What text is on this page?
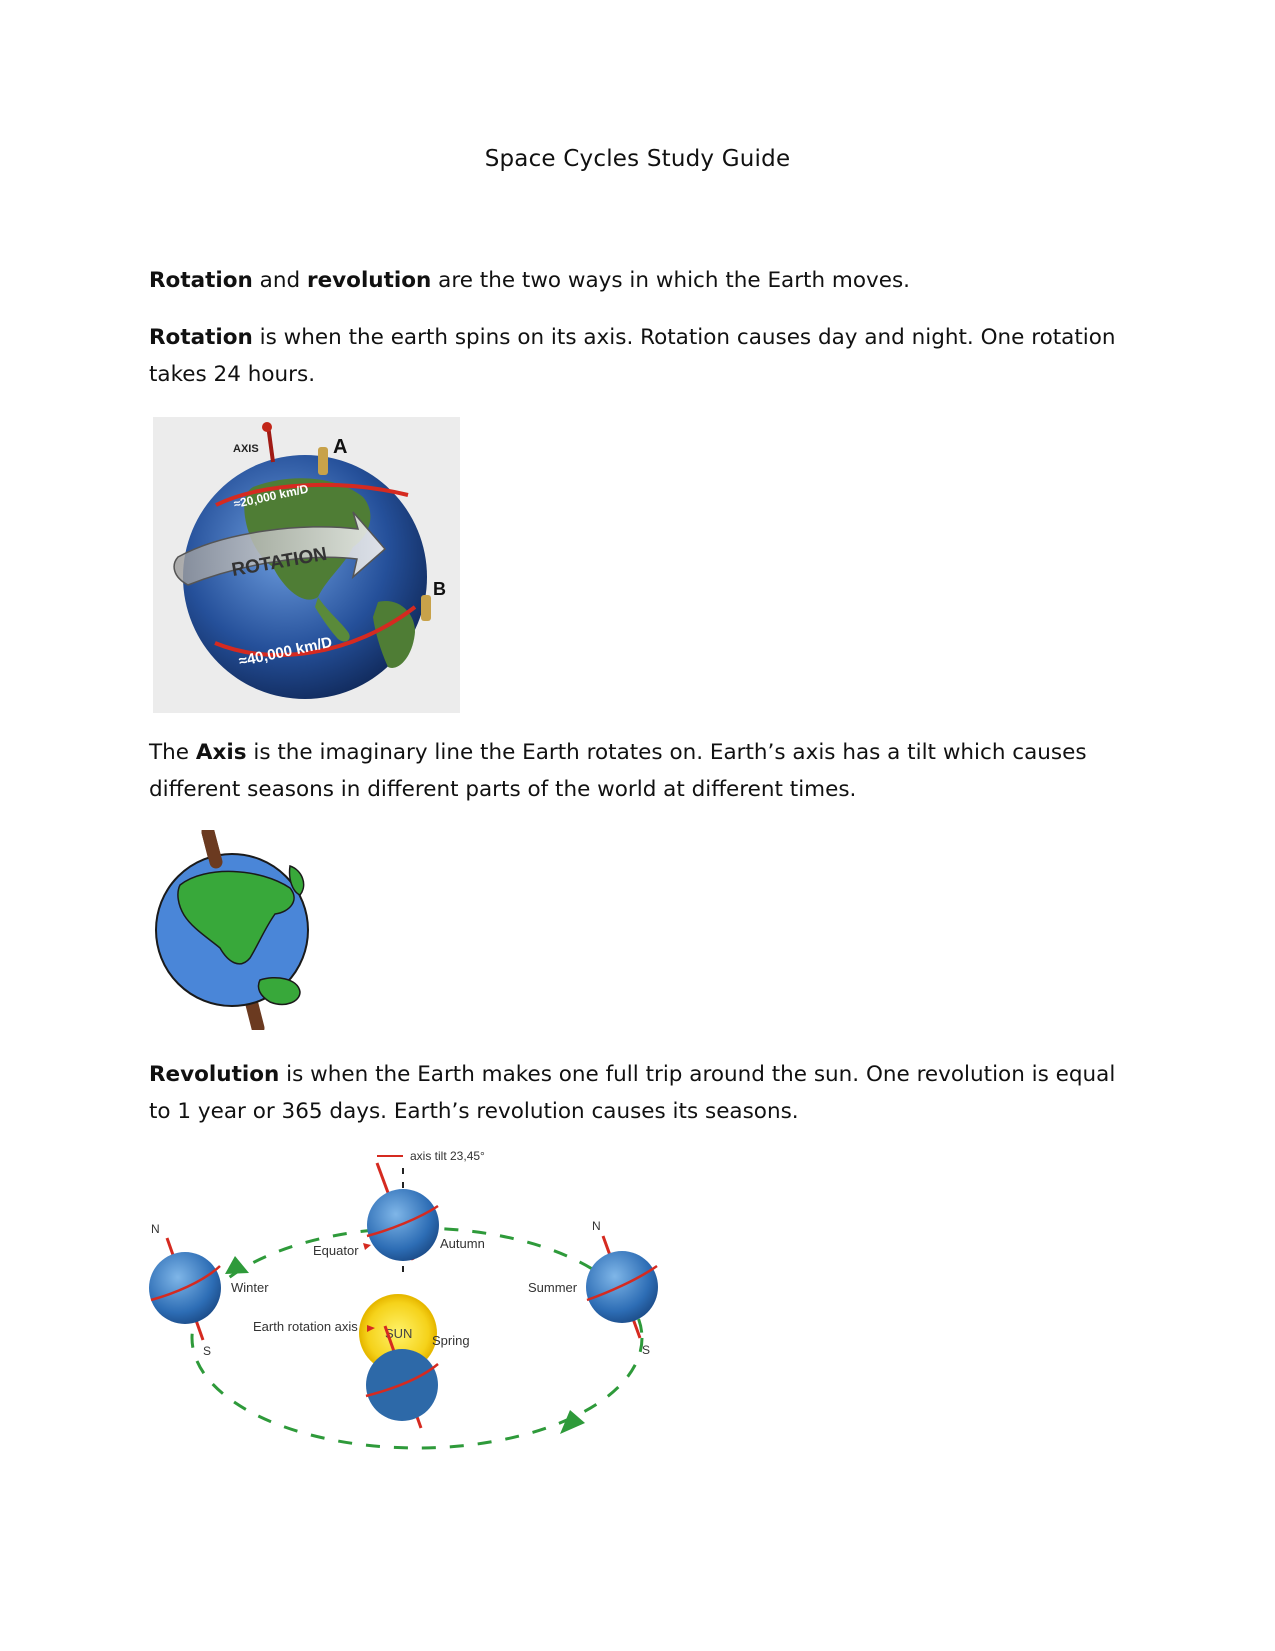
Space Cycles Study Guide
Rotation and revolution are the two ways in which the Earth moves.
Rotation is when the earth spins on its axis. Rotation causes day and night. One rotation takes 24 hours.
ROTATION
AXIS	A
B
≈20,000 km/D
≈40,000 km/D
The Axis is the imaginary line the Earth rotates on. Earth’s axis has a tilt which causes different seasons in different parts of the world at different times.
Revolution is when the Earth makes one full trip around the sun. One revolution is equal to 1 year or 365 days. Earth’s revolution causes its seasons.
SUN
axis tilt 23,45°
Equator	Autumn
N
S
Winter
N
S
Summer
Earth rotation axis
Spring
